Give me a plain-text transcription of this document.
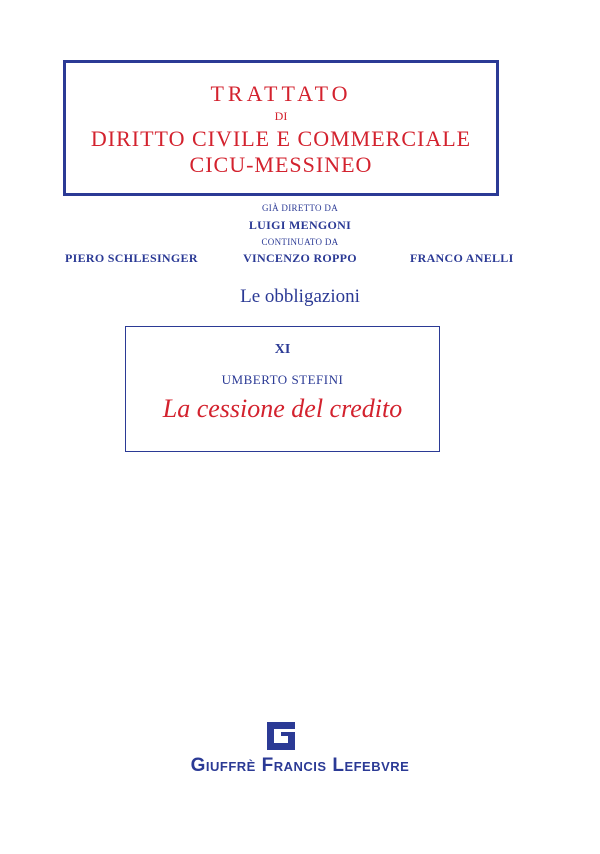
TRATTATO
DI
DIRITTO CIVILE E COMMERCIALE
CICU-MESSINEO
GIÀ DIRETTO DA
LUIGI MENGONI
CONTINUATO DA
PIERO SCHLESINGER	VINCENZO ROPPO	FRANCO ANELLI
Le obbligazioni
XI
UMBERTO STEFINI
La cessione del credito
Giuffrè Francis Lefebvre
